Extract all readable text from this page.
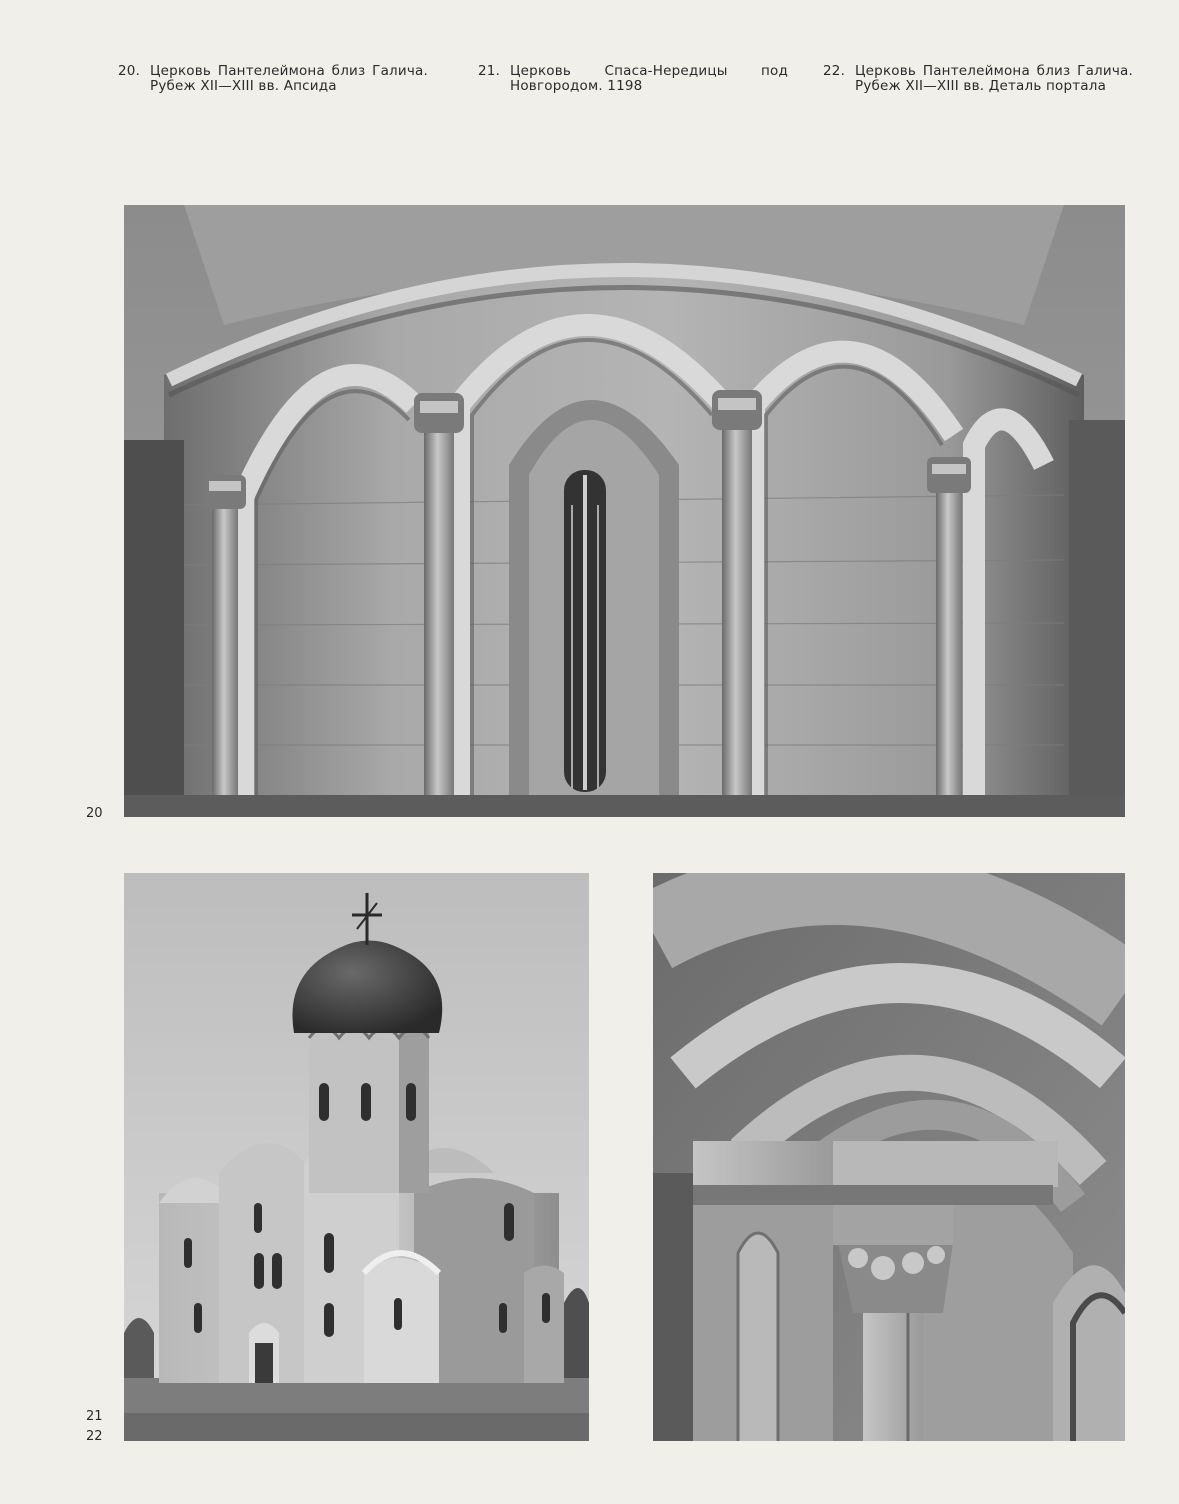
20. Церковь Пантелеймона близ Галича. Рубеж XII—XIII вв. Апсида
21. Церковь Спаса-Нередицы под Новгородом. 1198
22. Церковь Пантелеймона близ Галича. Рубеж XII—XIII вв. Деталь портала
20
21
22
